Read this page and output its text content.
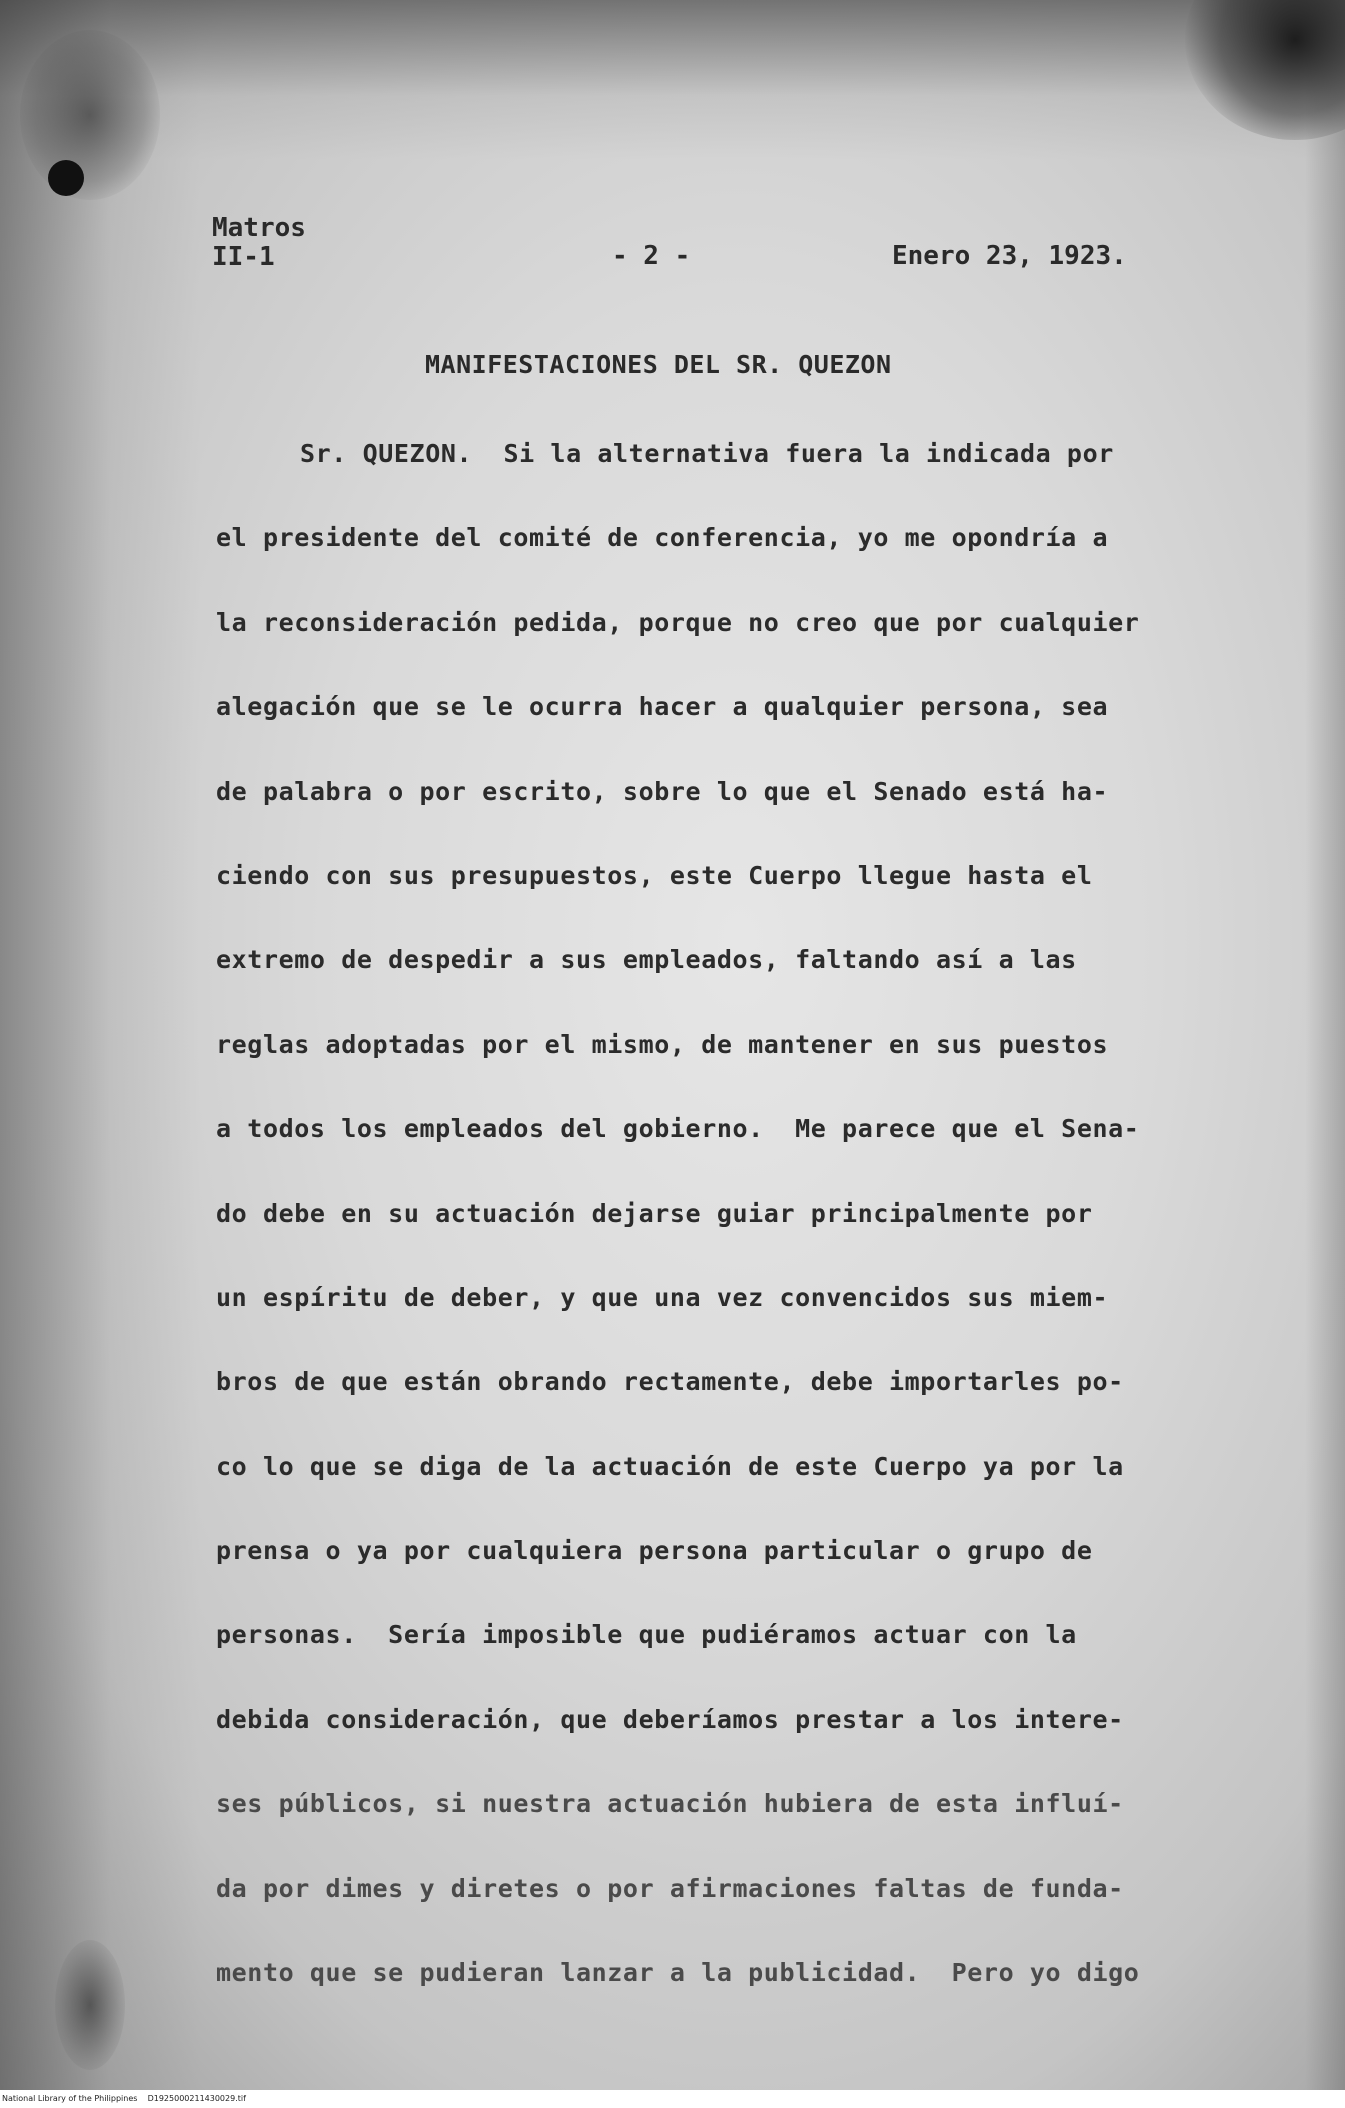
Matros
II-1	- 2 -	Enero 23, 1923.
MANIFESTACIONES DEL SR. QUEZON
Sr. QUEZON.  Si la alternativa fuera la indicada por
el presidente del comité de conferencia, yo me opondría a
la reconsideración pedida, porque no creo que por cualquier
alegación que se le ocurra hacer a qualquier persona, sea
de palabra o por escrito, sobre lo que el Senado está ha-
ciendo con sus presupuestos, este Cuerpo llegue hasta el
extremo de despedir a sus empleados, faltando así a las
reglas adoptadas por el mismo, de mantener en sus puestos
a todos los empleados del gobierno.  Me parece que el Sena-
do debe en su actuación dejarse guiar principalmente por
un espíritu de deber, y que una vez convencidos sus miem-
bros de que están obrando rectamente, debe importarles po-
co lo que se diga de la actuación de este Cuerpo ya por la
prensa o ya por cualquiera persona particular o grupo de
personas.  Sería imposible que pudiéramos actuar con la
debida consideración, que deberíamos prestar a los intere-
ses públicos, si nuestra actuación hubiera de esta influí-
da por dimes y diretes o por afirmaciones faltas de funda-
mento que se pudieran lanzar a la publicidad.  Pero yo digo
National Library of the Philippines    D1925000211430029.tif
